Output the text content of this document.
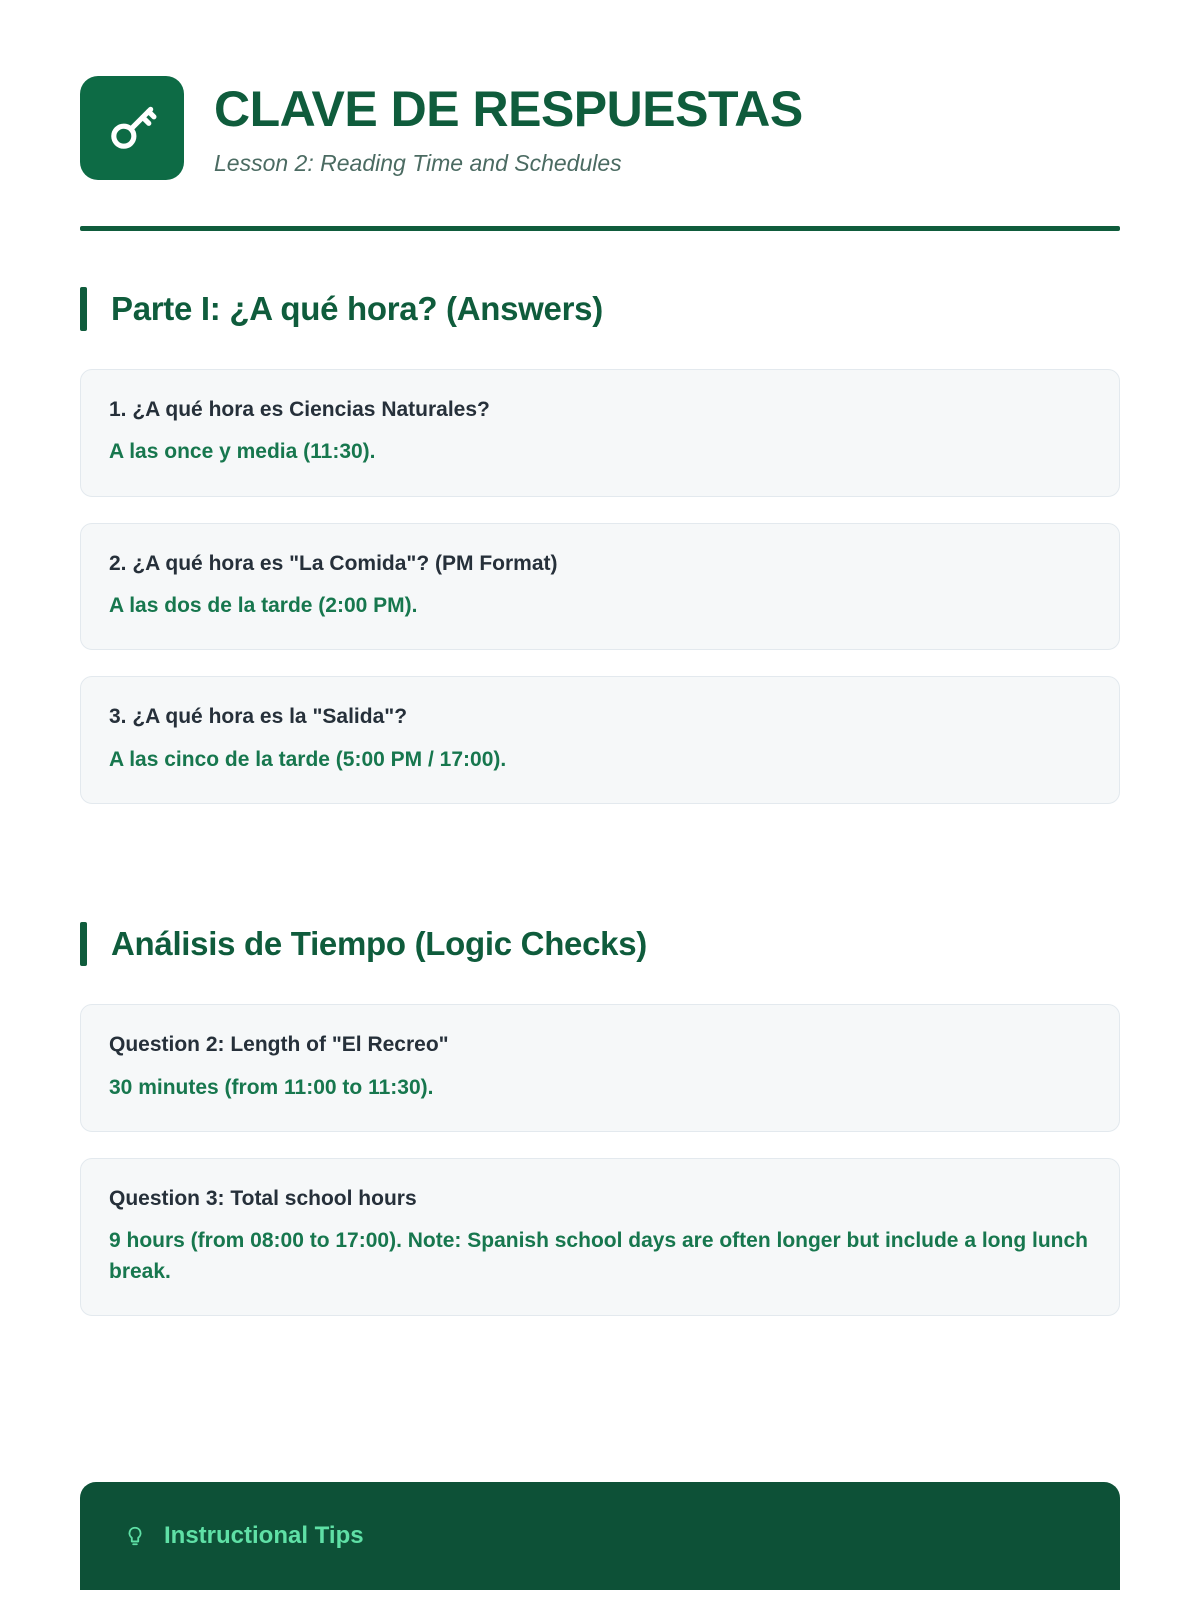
CLAVE DE RESPUESTAS

Lesson 2: Reading Time and Schedules

Parte I: ¿A qué hora? (Answers)
1. ¿A qué hora es Ciencias Naturales?
A las once y media (11:30).
2. ¿A qué hora es "La Comida"? (PM Format)
A las dos de la tarde (2:00 PM).
3. ¿A qué hora es la "Salida"?
A las cinco de la tarde (5:00 PM / 17:00).
Análisis de Tiempo (Logic Checks)
Question 2: Length of "El Recreo"
30 minutes (from 11:00 to 11:30).
Question 3: Total school hours
9 hours (from 08:00 to 17:00). Note: Spanish school days are often longer but include a long lunch break.
Instructional Tips
